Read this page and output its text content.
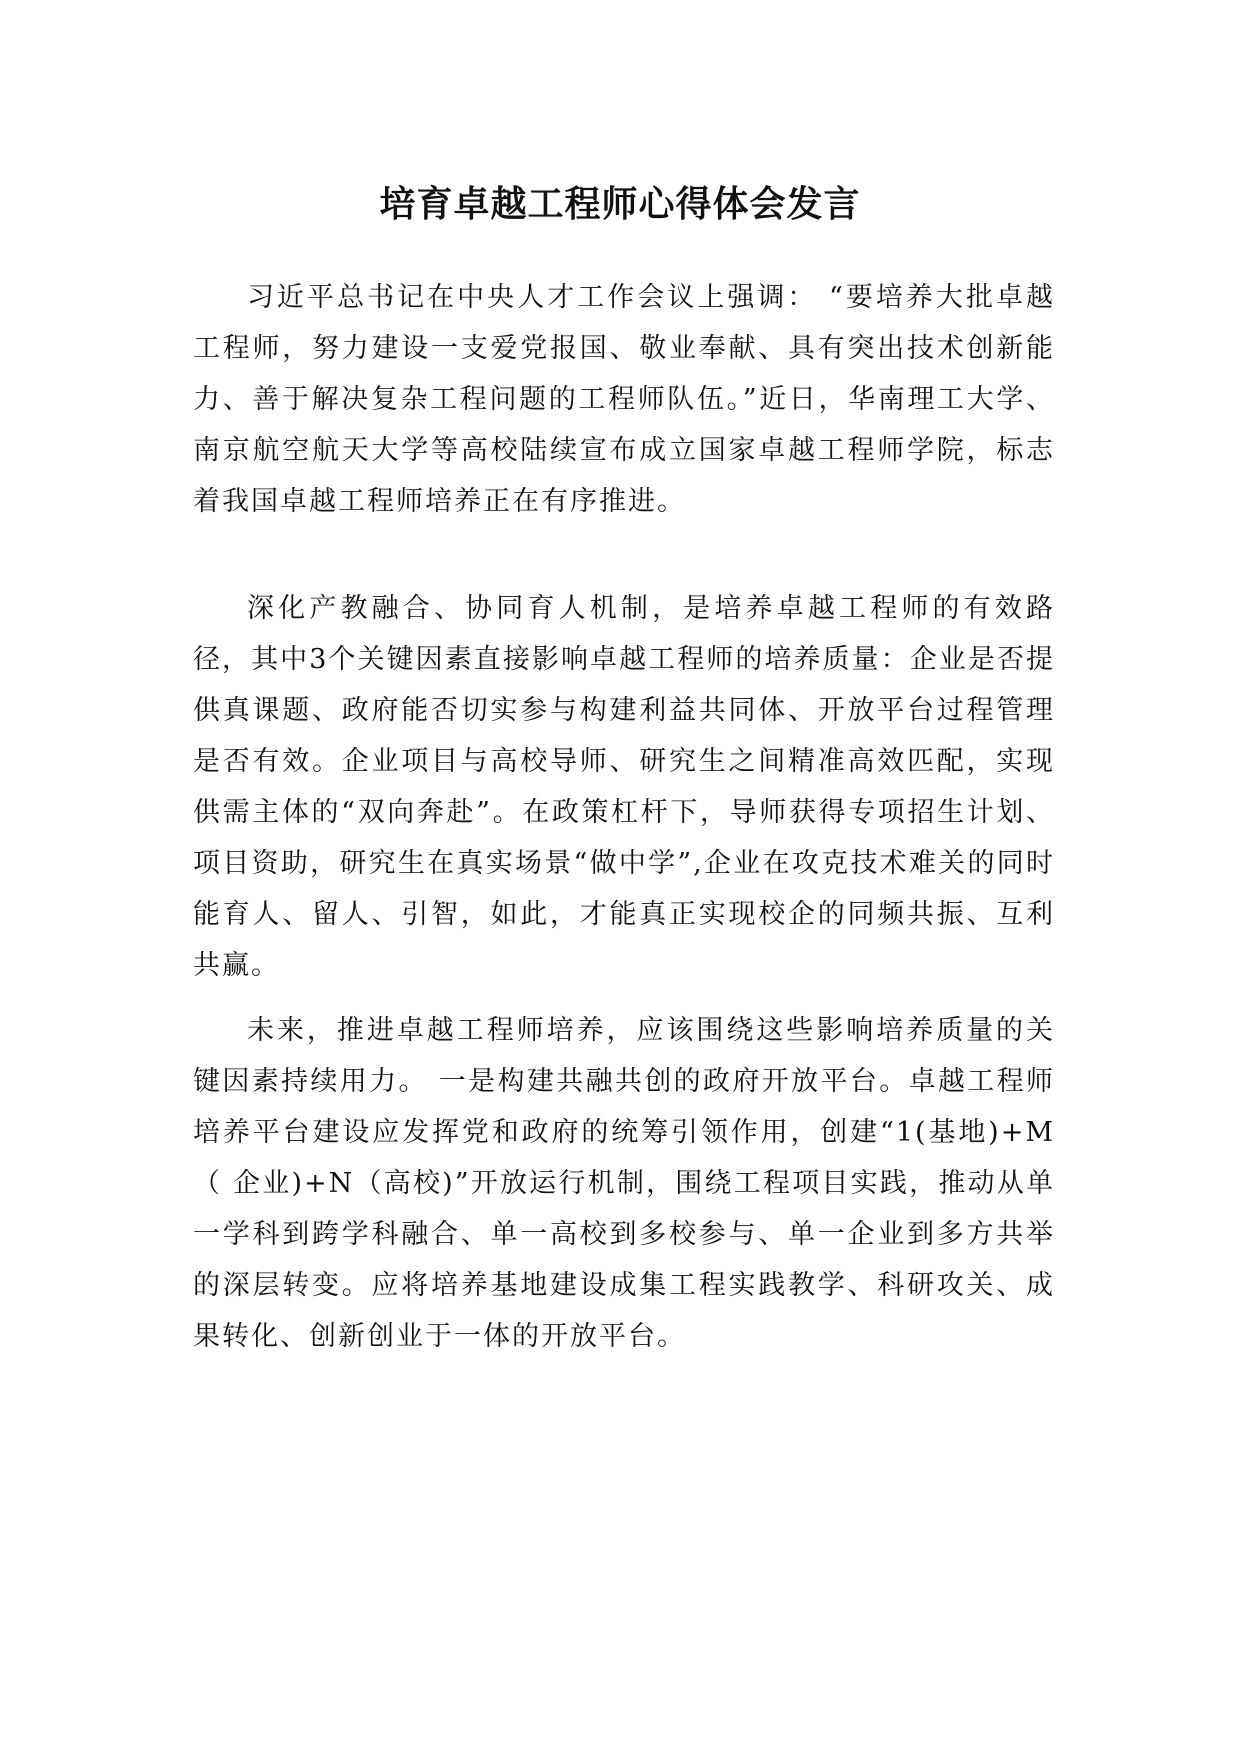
培育卓越工程师心得体会发言

习近平总书记在中央人才工作会议上强调： “要培养大批卓越工程师，努力建设一支爱党报国、敬业奉献、具有突出技术创新能力、善于解决复杂工程问题的工程师队伍。”近日，华南理工大学、南京航空航天大学等高校陆续宣布成立国家卓越工程师学院，标志着我国卓越工程师培养正在有序推进。

深化产教融合、协同育人机制，是培养卓越工程师的有效路径，其中3个关键因素直接影响卓越工程师的培养质量：企业是否提供真课题、政府能否切实参与构建利益共同体、开放平台过程管理是否有效。企业项目与高校导师、研究生之间精准高效匹配，实现供需主体的“双向奔赴”。在政策杠杆下，导师获得专项招生计划、项目资助，研究生在真实场景“做中学”,企业在攻克技术难关的同时能育人、留人、引智，如此，才能真正实现校企的同频共振、互利共赢。

未来，推进卓越工程师培养，应该围绕这些影响培养质量的关键因素持续用力。 一是构建共融共创的政府开放平台。卓越工程师培养平台建设应发挥党和政府的统筹引领作用，创建“1(基地)+M（ 企业)+N（高校)”开放运行机制，围绕工程项目实践，推动从单一学科到跨学科融合、单一高校到多校参与、单一企业到多方共举的深层转变。应将培养基地建设成集工程实践教学、科研攻关、成果转化、创新创业于一体的开放平台。
